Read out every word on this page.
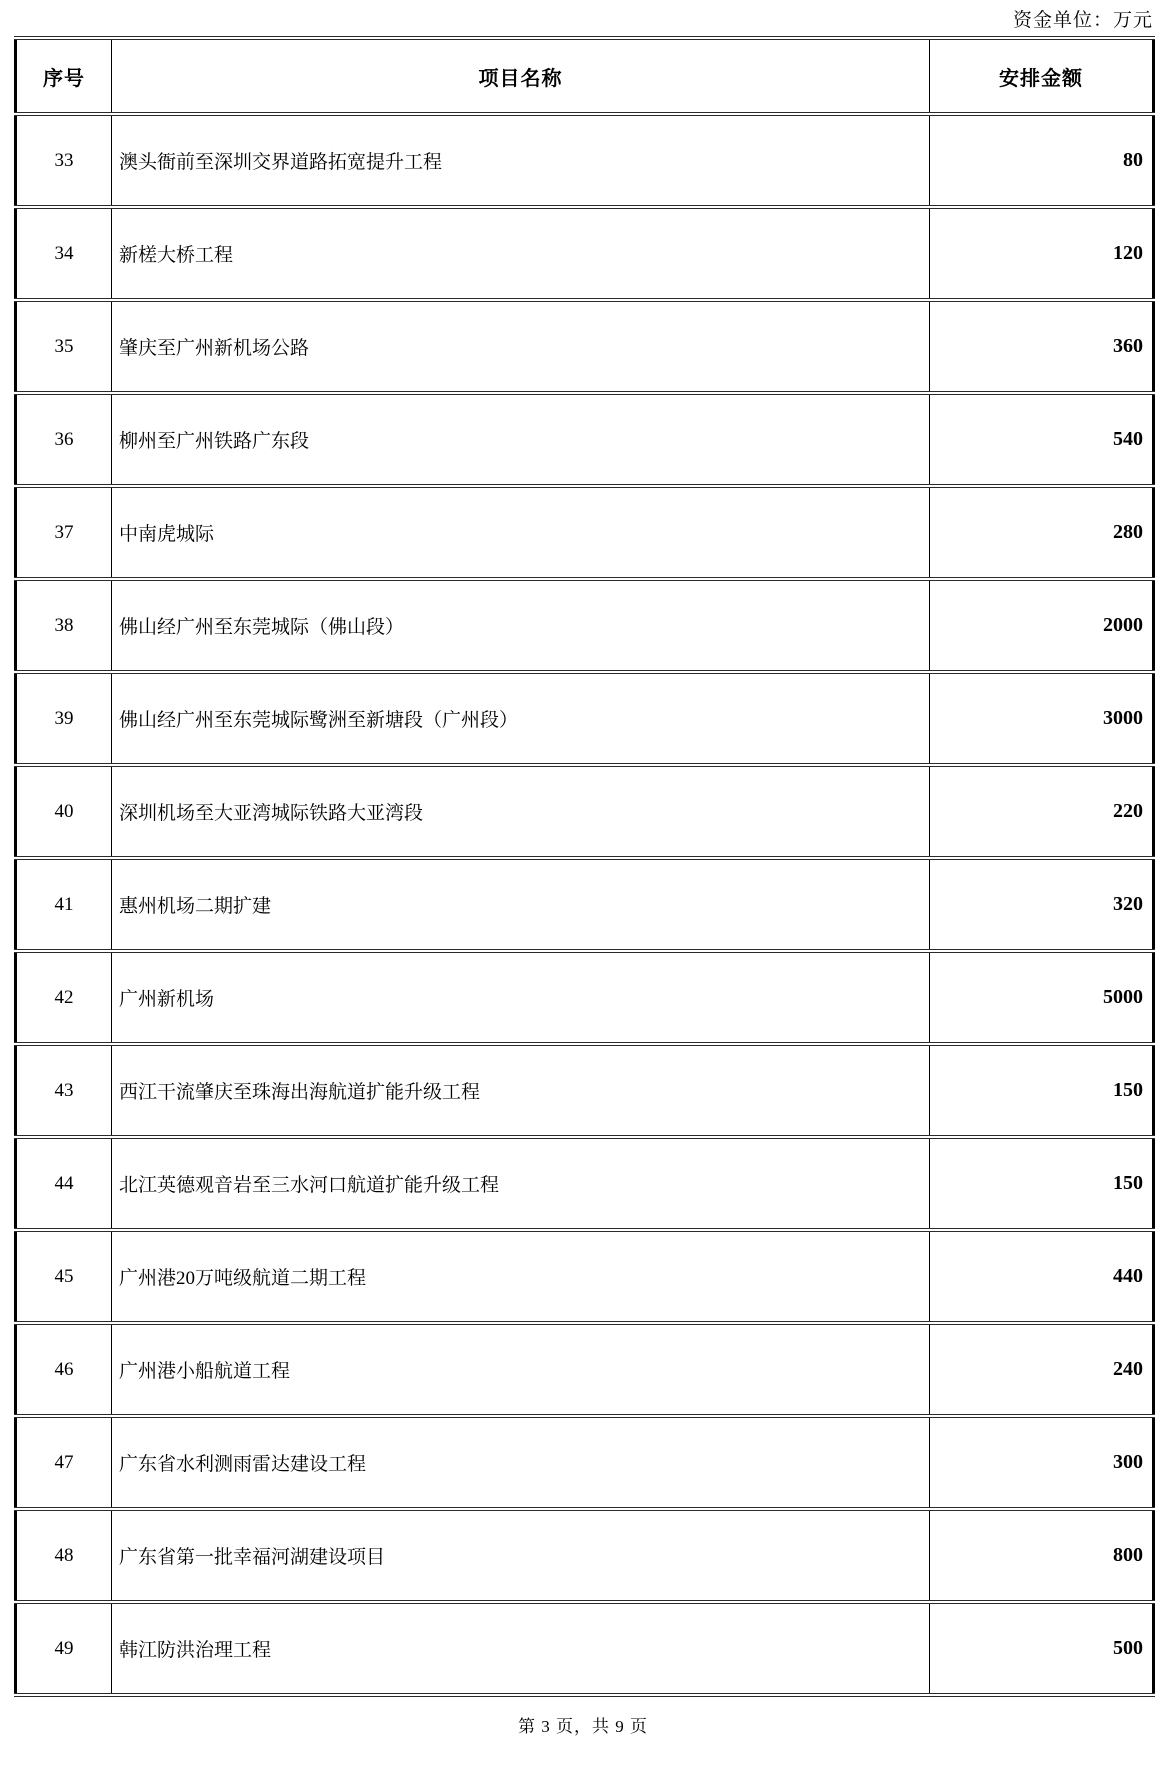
资金单位：万元
序号	项目名称	安排金额
33	澳头衙前至深圳交界道路拓宽提升工程	80
34	新槎大桥工程	120
35	肇庆至广州新机场公路	360
36	柳州至广州铁路广东段	540
37	中南虎城际	280
38	佛山经广州至东莞城际（佛山段）	2000
39	佛山经广州至东莞城际鹭洲至新塘段（广州段）	3000
40	深圳机场至大亚湾城际铁路大亚湾段	220
41	惠州机场二期扩建	320
42	广州新机场	5000
43	西江干流肇庆至珠海出海航道扩能升级工程	150
44	北江英德观音岩至三水河口航道扩能升级工程	150
45	广州港20万吨级航道二期工程	440
46	广州港小船航道工程	240
47	广东省水利测雨雷达建设工程	300
48	广东省第一批幸福河湖建设项目	800
49	韩江防洪治理工程	500
第 3 页，共 9 页
